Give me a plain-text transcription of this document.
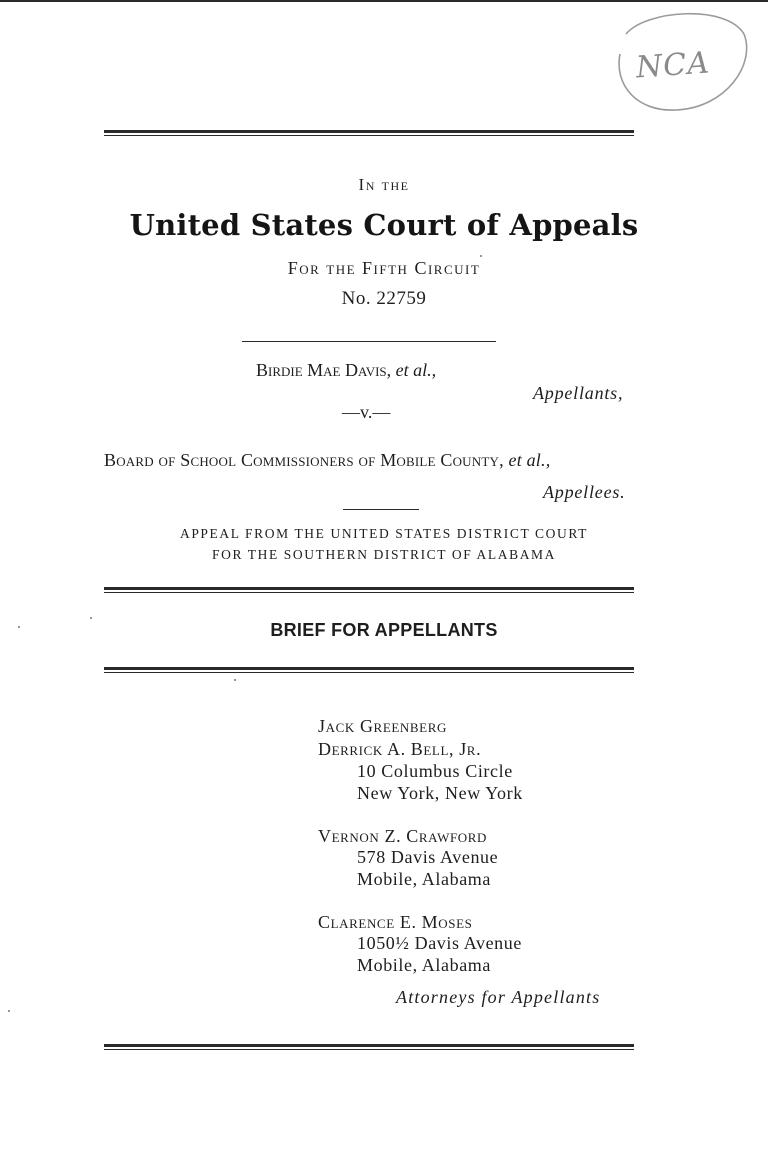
NCA
In the
United States Court of Appeals
For the Fifth Circuit
No. 22759
Birdie Mae Davis, et al.,
Appellants,
—v.—
Board of School Commissioners of Mobile County, et al.,
Appellees.
APPEAL FROM THE UNITED STATES DISTRICT COURT
FOR THE SOUTHERN DISTRICT OF ALABAMA
BRIEF FOR APPELLANTS
Jack Greenberg
Derrick A. Bell, Jr.
10 Columbus Circle
New York, New York
Vernon Z. Crawford
578 Davis Avenue
Mobile, Alabama
Clarence E. Moses
1050½ Davis Avenue
Mobile, Alabama
Attorneys for Appellants
